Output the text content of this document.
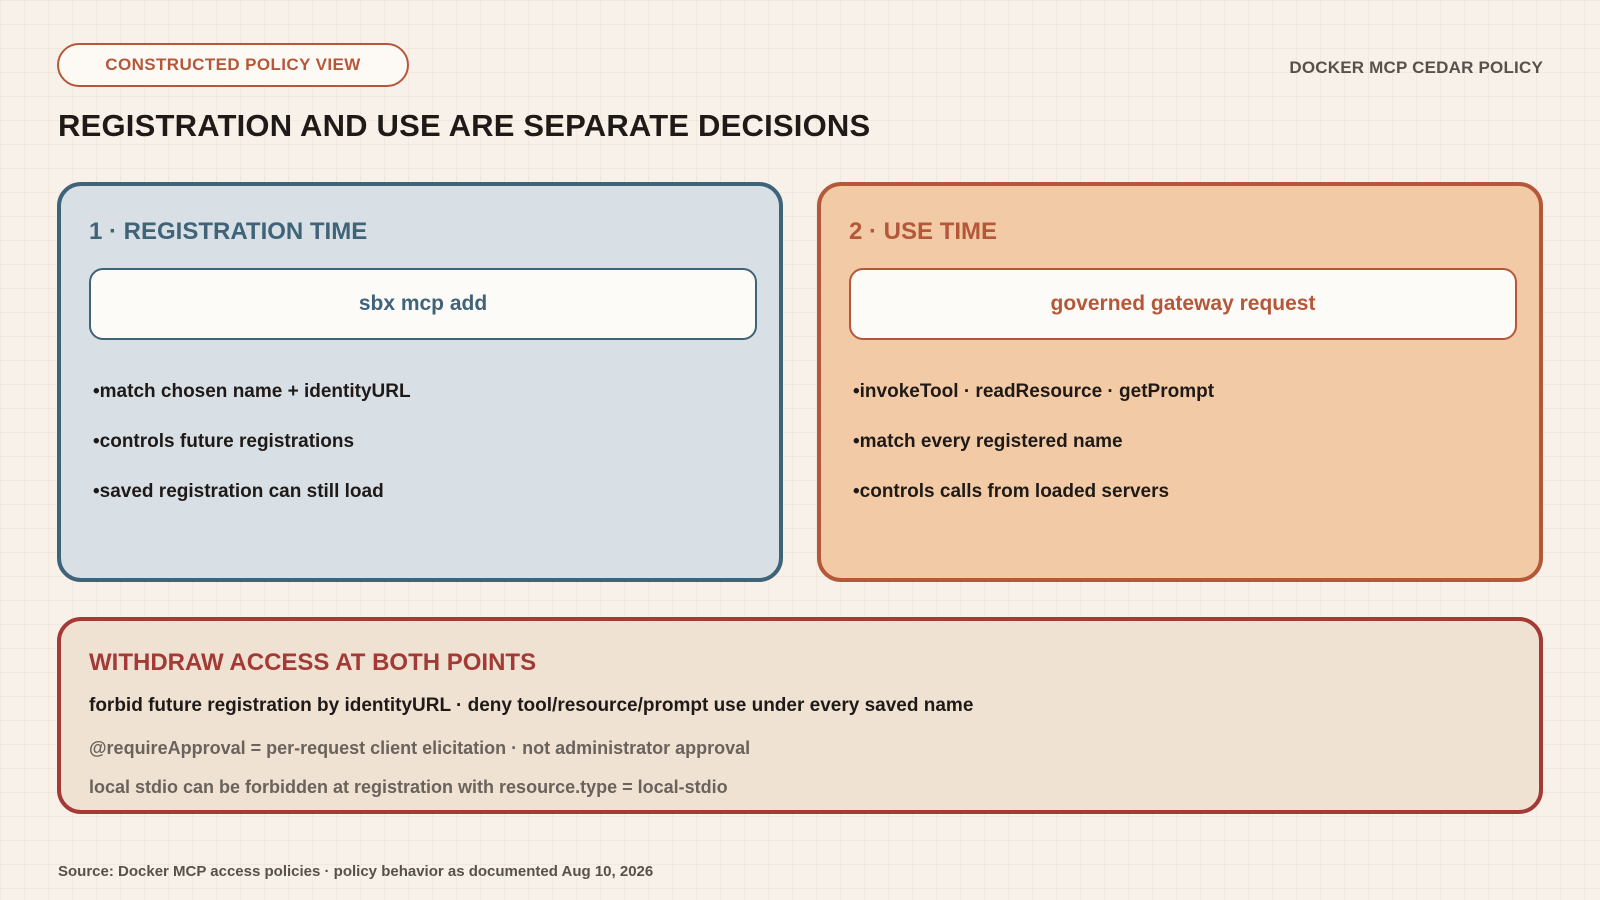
CONSTRUCTED POLICY VIEW	DOCKER MCP CEDAR POLICY
REGISTRATION AND USE ARE SEPARATE DECISIONS
1 · REGISTRATION TIME
sbx mcp add
• match chosen name + identityURL
• controls future registrations
• saved registration can still load
2 · USE TIME
governed gateway request
• invokeTool · readResource · getPrompt
• match every registered name
• controls calls from loaded servers
WITHDRAW ACCESS AT BOTH POINTS
forbid future registration by identityURL · deny tool/resource/prompt use under every saved name
@requireApproval = per-request client elicitation · not administrator approval
local stdio can be forbidden at registration with resource.type = local-stdio
Source: Docker MCP access policies · policy behavior as documented Aug 10, 2026
